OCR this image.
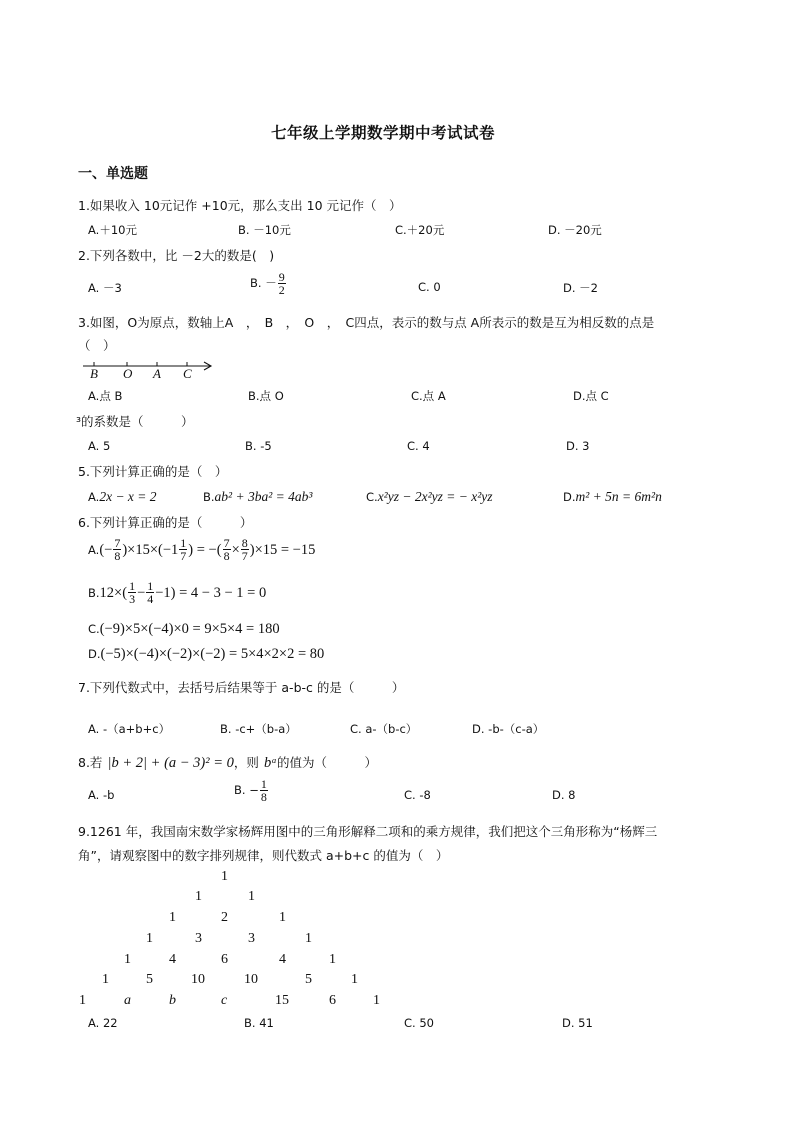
七年级上学期数学期中考试试卷
一、单选题
1.如果收入 10元记作 +10元，那么支出 10 元记作（　）
A.＋10元	B. －10元	C.＋20元	D. －20元
2.下列各数中，比 －2大的数是(　)
A. －3	B. － $\frac{9}{2}$	C. 0	D. －2
3.如图，O为原点，数轴上A　，　B　，　O　，　C四点，表示的数与点 A所表示的数是互为相反数的点是
（　）
B O A C
A.点 B	B.点 O	C.点 A	D.点 C
³的系数是（　　　）
A. 5	B. -5	C. 4	D. 3
5.下列计算正确的是（　）
A.2x − x = 2	B.ab² + 3ba² = 4ab³	C.x²yz − 2x²yz = − x²yz	D.m² + 5n = 6m²n
6.下列计算正确的是（　　　）
$A.(- \frac{7}{8} )\times 15\times(-1 \frac{1}{7}$ ) = −( $\frac{7}{8} \times \frac{8}{7} )\times 15 = -15$
$B.12\times( \frac{1}{3} - \frac{1}{4} -1) = 4 - 3 - 1 = 0$
C.(−9)×5×(−4)×0 = 9×5×4 = 180
D.(−5)×(−4)×(−2)×(−2) = 5×4×2×2 = 80
7.下列代数式中，去括号后结果等于 a-b-c 的是（　　　）
A. -（a+b+c）	B. -c+（b-a）	C. a-（b-c）	D. -b-（c-a）
8.若 |b + 2| + (a − 3)² = 0，则 bᵃ的值为（　　　）
A. -b	B. − $\frac{1}{8}$	C. -8	D. 8
9.1261 年，我国南宋数学家杨辉用图中的三角形解释二项和的乘方规律，我们把这个三角形称为“杨辉三
角”，请观察图中的数字排列规律，则代数式 a+b+c 的值为（　）
1
1	1
1	2	1
1	3	3	1
1	4	6	4	1
1	5	10	10	5	1
1	a	b	c	15	6	1
A. 22	B. 41	C. 50	D. 51
